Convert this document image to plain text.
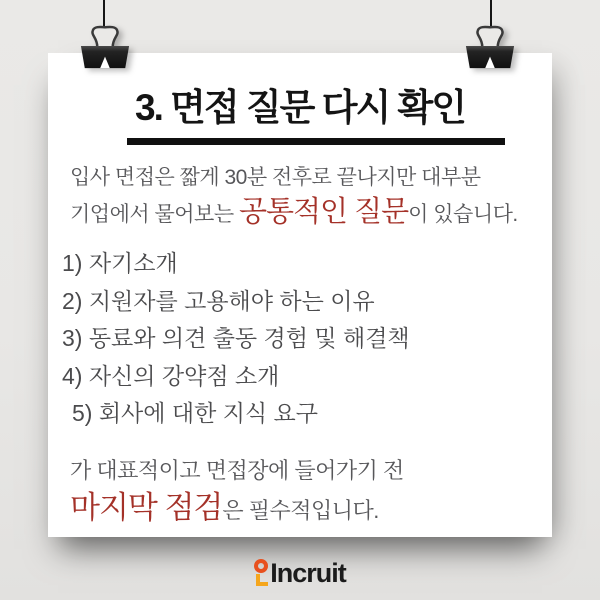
3. 면접 질문 다시 확인

입사 면접은 짧게 30분 전후로 끝나지만 대부분
기업에서 물어보는 공통적인 질문이 있습니다.

1) 자기소개
2) 지원자를 고용해야 하는 이유
3) 동료와 의견 출동 경험 및 해결책
4) 자신의 강약점 소개
5) 회사에 대한 지식 요구

가 대표적이고 면접장에 들어가기 전
마지막 점검은 필수적입니다.

Incruit
